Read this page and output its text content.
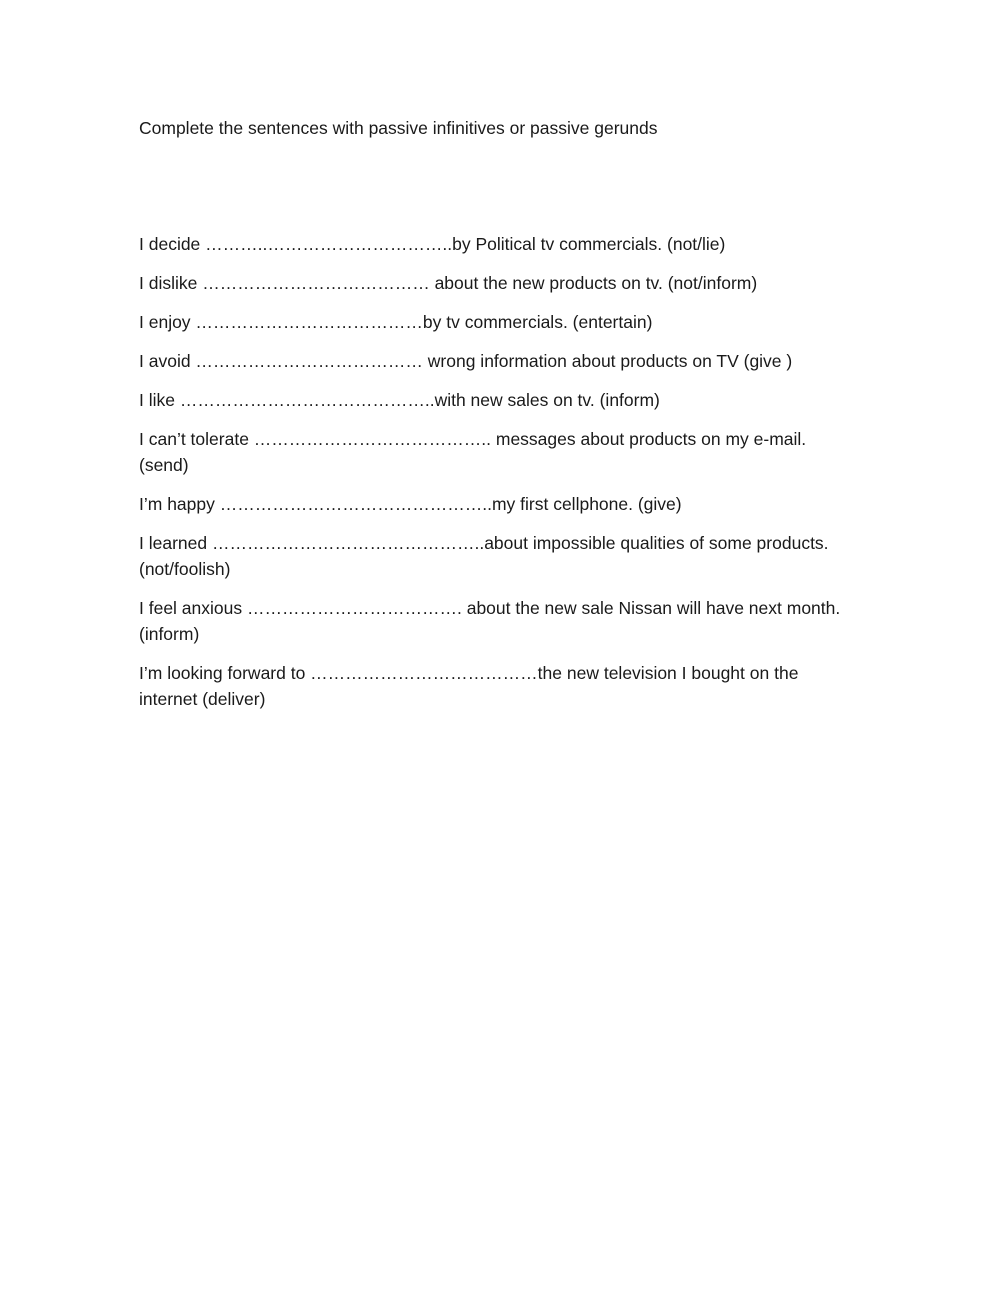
Complete the sentences with passive infinitives or passive gerunds

I decide ………..…………………………..by Political tv commercials. (not/lie)
I dislike ………………………………… about the new products on tv. (not/inform)
I enjoy …………………………………by tv commercials. (entertain)
I avoid ………………………………… wrong information about products on TV (give )
I like ……………………………………..with new sales on tv. (inform)
I can’t tolerate ………………………………….. messages about products on my e-mail. (send)
I’m happy ………………………………………..my first cellphone. (give)
I learned ………………………………………..about impossible qualities of some products. (not/foolish)
I feel anxious ………………………………. about the new sale Nissan will have next month. (inform)
I’m looking forward to …………………………………the new television I bought on the internet (deliver)
